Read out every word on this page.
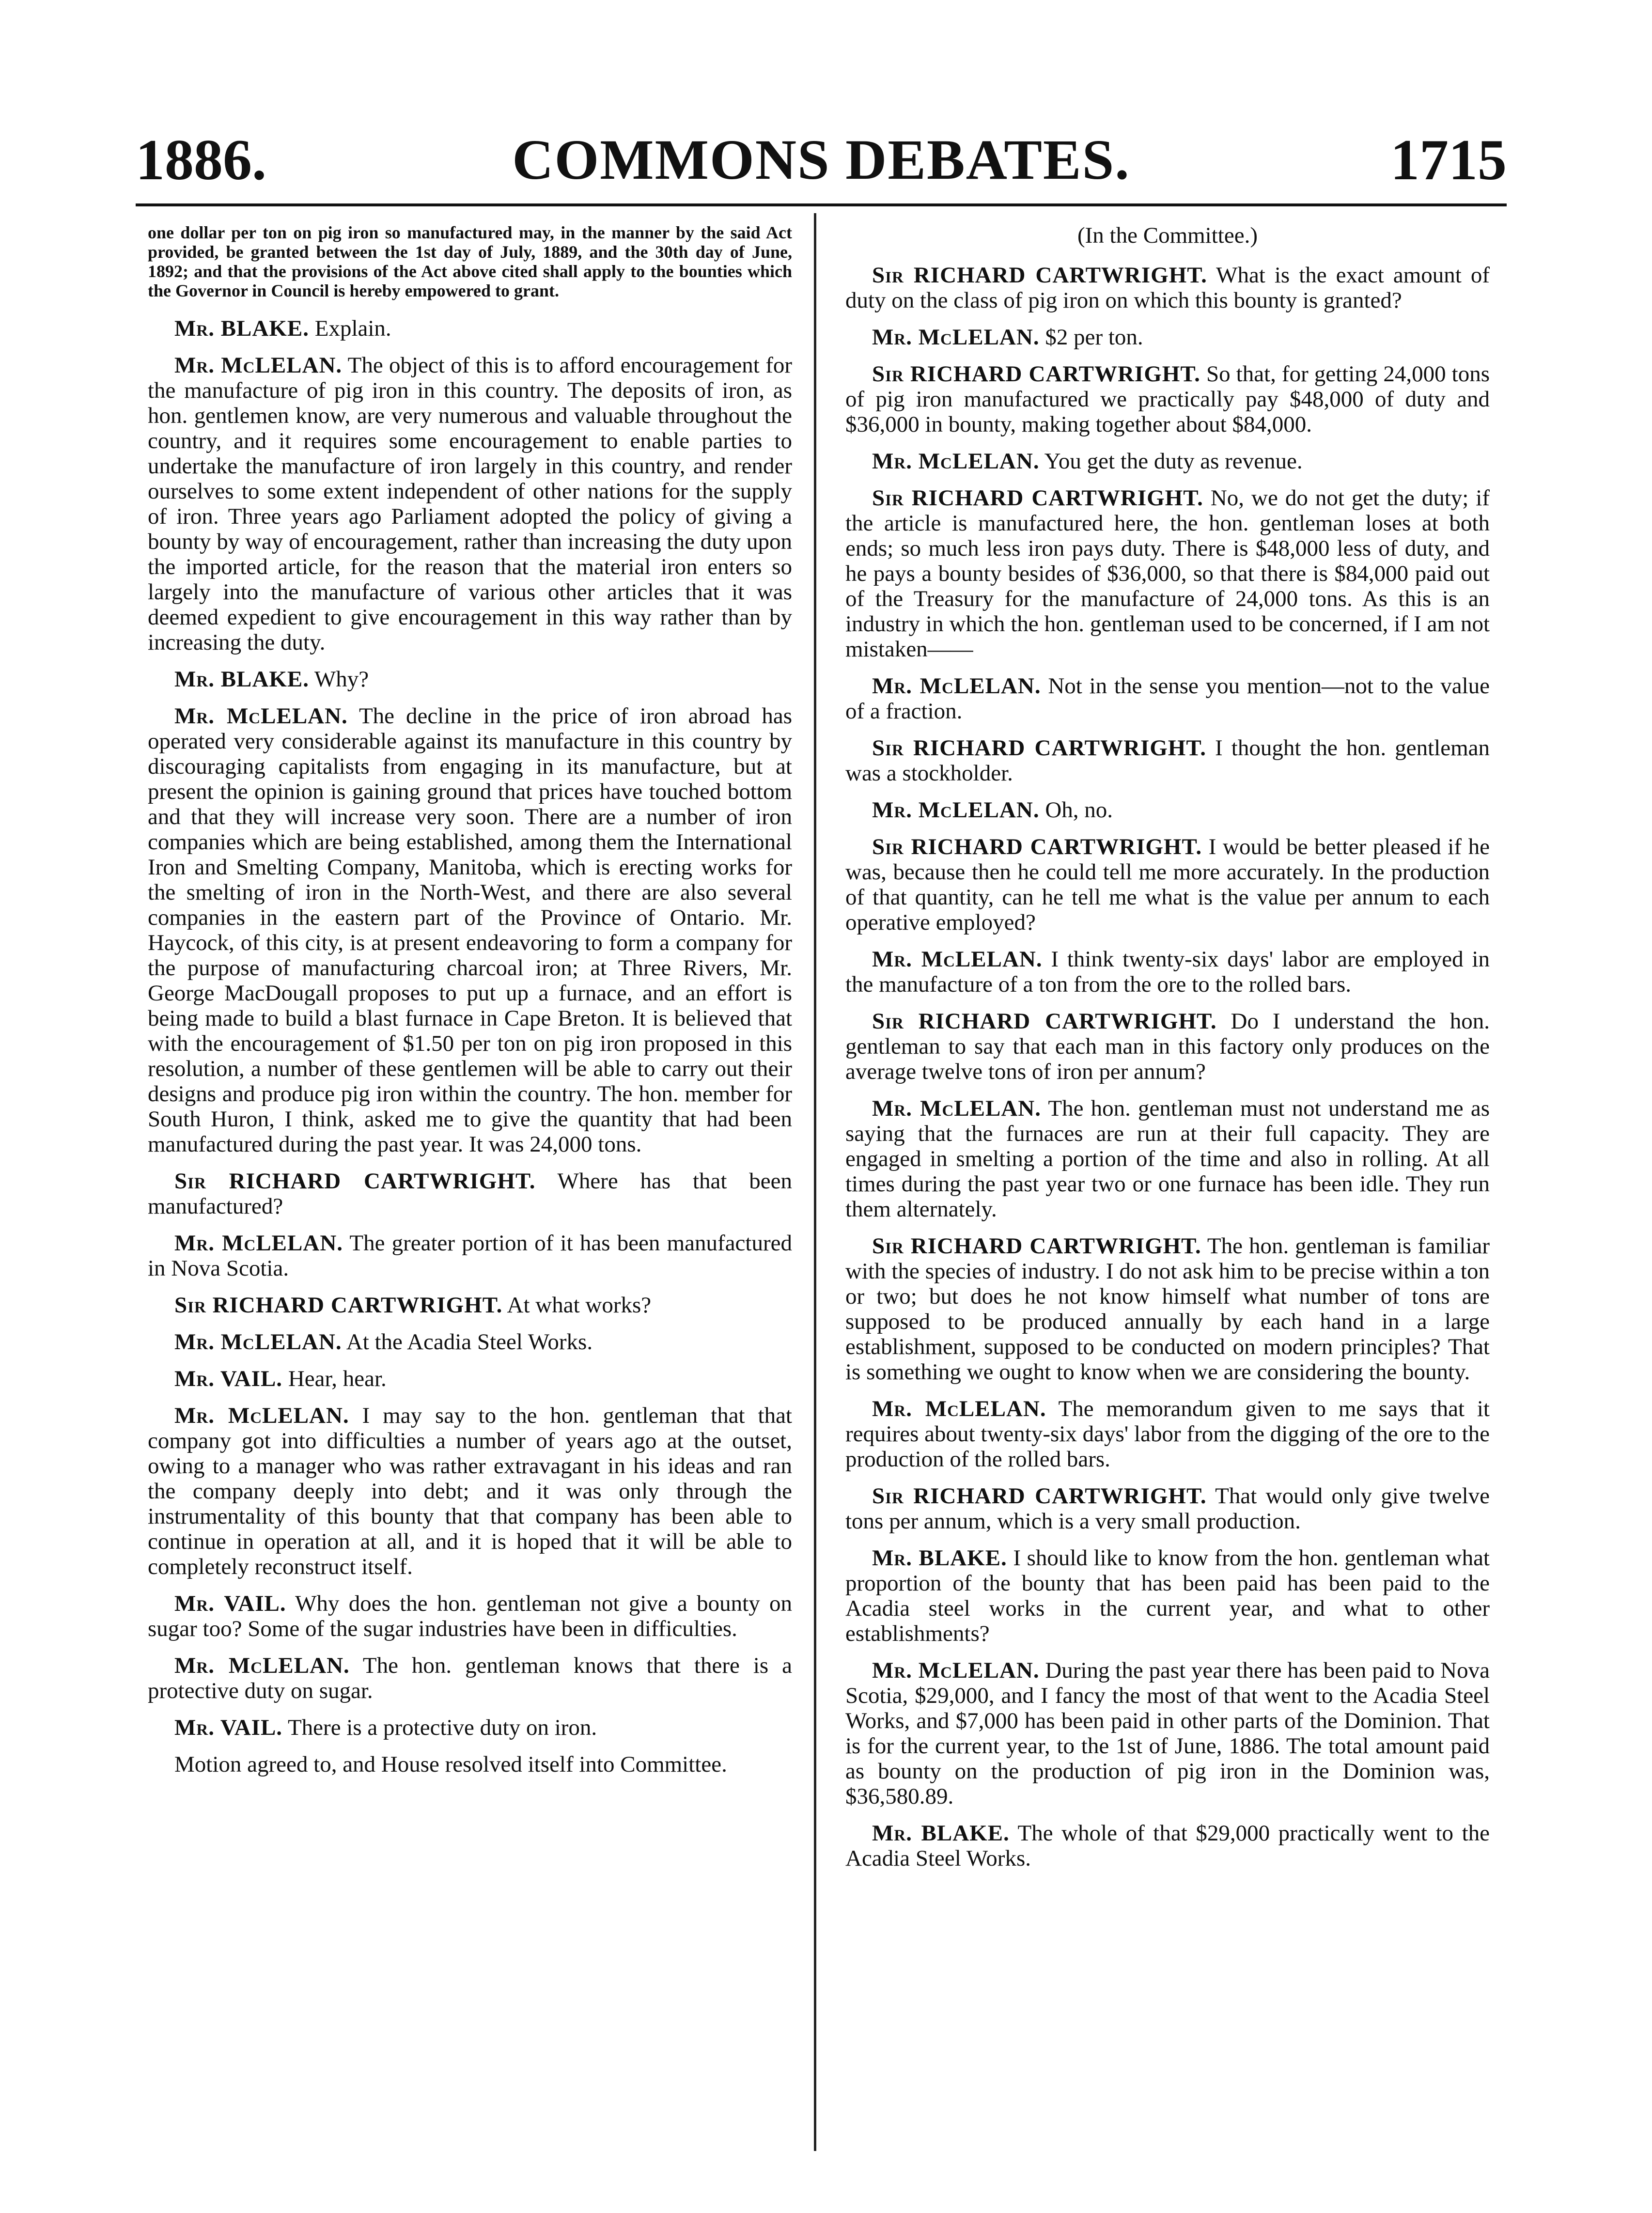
1886.	COMMONS DEBATES.	1715

one dollar per ton on pig iron so manufactured may, in the manner by the said Act provided, be granted between the 1st day of July, 1889, and the 30th day of June, 1892; and that the provisions of the Act above cited shall apply to the bounties which the Governor in Council is hereby empowered to grant.

Mr. BLAKE. Explain.

Mr. McLELAN. The object of this is to afford encouragement for the manufacture of pig iron in this country. The deposits of iron, as hon. gentlemen know, are very numerous and valuable throughout the country, and it requires some encouragement to enable parties to undertake the manufacture of iron largely in this country, and render ourselves to some extent independent of other nations for the supply of iron. Three years ago Parliament adopted the policy of giving a bounty by way of encouragement, rather than increasing the duty upon the imported article, for the reason that the material iron enters so largely into the manufacture of various other articles that it was deemed expedient to give encouragement in this way rather than by increasing the duty.

Mr. BLAKE. Why?

Mr. McLELAN. The decline in the price of iron abroad has operated very considerable against its manufacture in this country by discouraging capitalists from engaging in its manufacture, but at present the opinion is gaining ground that prices have touched bottom and that they will increase very soon. There are a number of iron companies which are being established, among them the International Iron and Smelting Company, Manitoba, which is erecting works for the smelting of iron in the North-West, and there are also several companies in the eastern part of the Province of Ontario. Mr. Haycock, of this city, is at present endeavoring to form a company for the purpose of manufacturing charcoal iron; at Three Rivers, Mr. George MacDougall proposes to put up a furnace, and an effort is being made to build a blast furnace in Cape Breton. It is believed that with the encouragement of $1.50 per ton on pig iron proposed in this resolution, a number of these gentlemen will be able to carry out their designs and produce pig iron within the country. The hon. member for South Huron, I think, asked me to give the quantity that had been manufactured during the past year. It was 24,000 tons.

Sir RICHARD CARTWRIGHT. Where has that been manufactured?

Mr. McLELAN. The greater portion of it has been manufactured in Nova Scotia.

Sir RICHARD CARTWRIGHT. At what works?

Mr. McLELAN. At the Acadia Steel Works.

Mr. VAIL. Hear, hear.

Mr. McLELAN. I may say to the hon. gentleman that that company got into difficulties a number of years ago at the outset, owing to a manager who was rather extravagant in his ideas and ran the company deeply into debt; and it was only through the instrumentality of this bounty that that company has been able to continue in operation at all, and it is hoped that it will be able to completely reconstruct itself.

Mr. VAIL. Why does the hon. gentleman not give a bounty on sugar too? Some of the sugar industries have been in difficulties.

Mr. McLELAN. The hon. gentleman knows that there is a protective duty on sugar.

Mr. VAIL. There is a protective duty on iron.

Motion agreed to, and House resolved itself into Committee.

(In the Committee.)

Sir RICHARD CARTWRIGHT. What is the exact amount of duty on the class of pig iron on which this bounty is granted?

Mr. McLELAN. $2 per ton.

Sir RICHARD CARTWRIGHT. So that, for getting 24,000 tons of pig iron manufactured we practically pay $48,000 of duty and $36,000 in bounty, making together about $84,000.

Mr. McLELAN. You get the duty as revenue.

Sir RICHARD CARTWRIGHT. No, we do not get the duty; if the article is manufactured here, the hon. gentleman loses at both ends; so much less iron pays duty. There is $48,000 less of duty, and he pays a bounty besides of $36,000, so that there is $84,000 paid out of the Treasury for the manufacture of 24,000 tons. As this is an industry in which the hon. gentleman used to be concerned, if I am not mistaken——

Mr. McLELAN. Not in the sense you mention—not to the value of a fraction.

Sir RICHARD CARTWRIGHT. I thought the hon. gentleman was a stockholder.

Mr. McLELAN. Oh, no.

Sir RICHARD CARTWRIGHT. I would be better pleased if he was, because then he could tell me more accurately. In the production of that quantity, can he tell me what is the value per annum to each operative employed?

Mr. McLELAN. I think twenty-six days' labor are employed in the manufacture of a ton from the ore to the rolled bars.

Sir RICHARD CARTWRIGHT. Do I understand the hon. gentleman to say that each man in this factory only produces on the average twelve tons of iron per annum?

Mr. McLELAN. The hon. gentleman must not understand me as saying that the furnaces are run at their full capacity. They are engaged in smelting a portion of the time and also in rolling. At all times during the past year two or one furnace has been idle. They run them alternately.

Sir RICHARD CARTWRIGHT. The hon. gentleman is familiar with the species of industry. I do not ask him to be precise within a ton or two; but does he not know himself what number of tons are supposed to be produced annually by each hand in a large establishment, supposed to be conducted on modern principles? That is something we ought to know when we are considering the bounty.

Mr. McLELAN. The memorandum given to me says that it requires about twenty-six days' labor from the digging of the ore to the production of the rolled bars.

Sir RICHARD CARTWRIGHT. That would only give twelve tons per annum, which is a very small production.

Mr. BLAKE. I should like to know from the hon. gentleman what proportion of the bounty that has been paid has been paid to the Acadia steel works in the current year, and what to other establishments?

Mr. McLELAN. During the past year there has been paid to Nova Scotia, $29,000, and I fancy the most of that went to the Acadia Steel Works, and $7,000 has been paid in other parts of the Dominion. That is for the current year, to the 1st of June, 1886. The total amount paid as bounty on the production of pig iron in the Dominion was, $36,580.89.

Mr. BLAKE. The whole of that $29,000 practically went to the Acadia Steel Works.
